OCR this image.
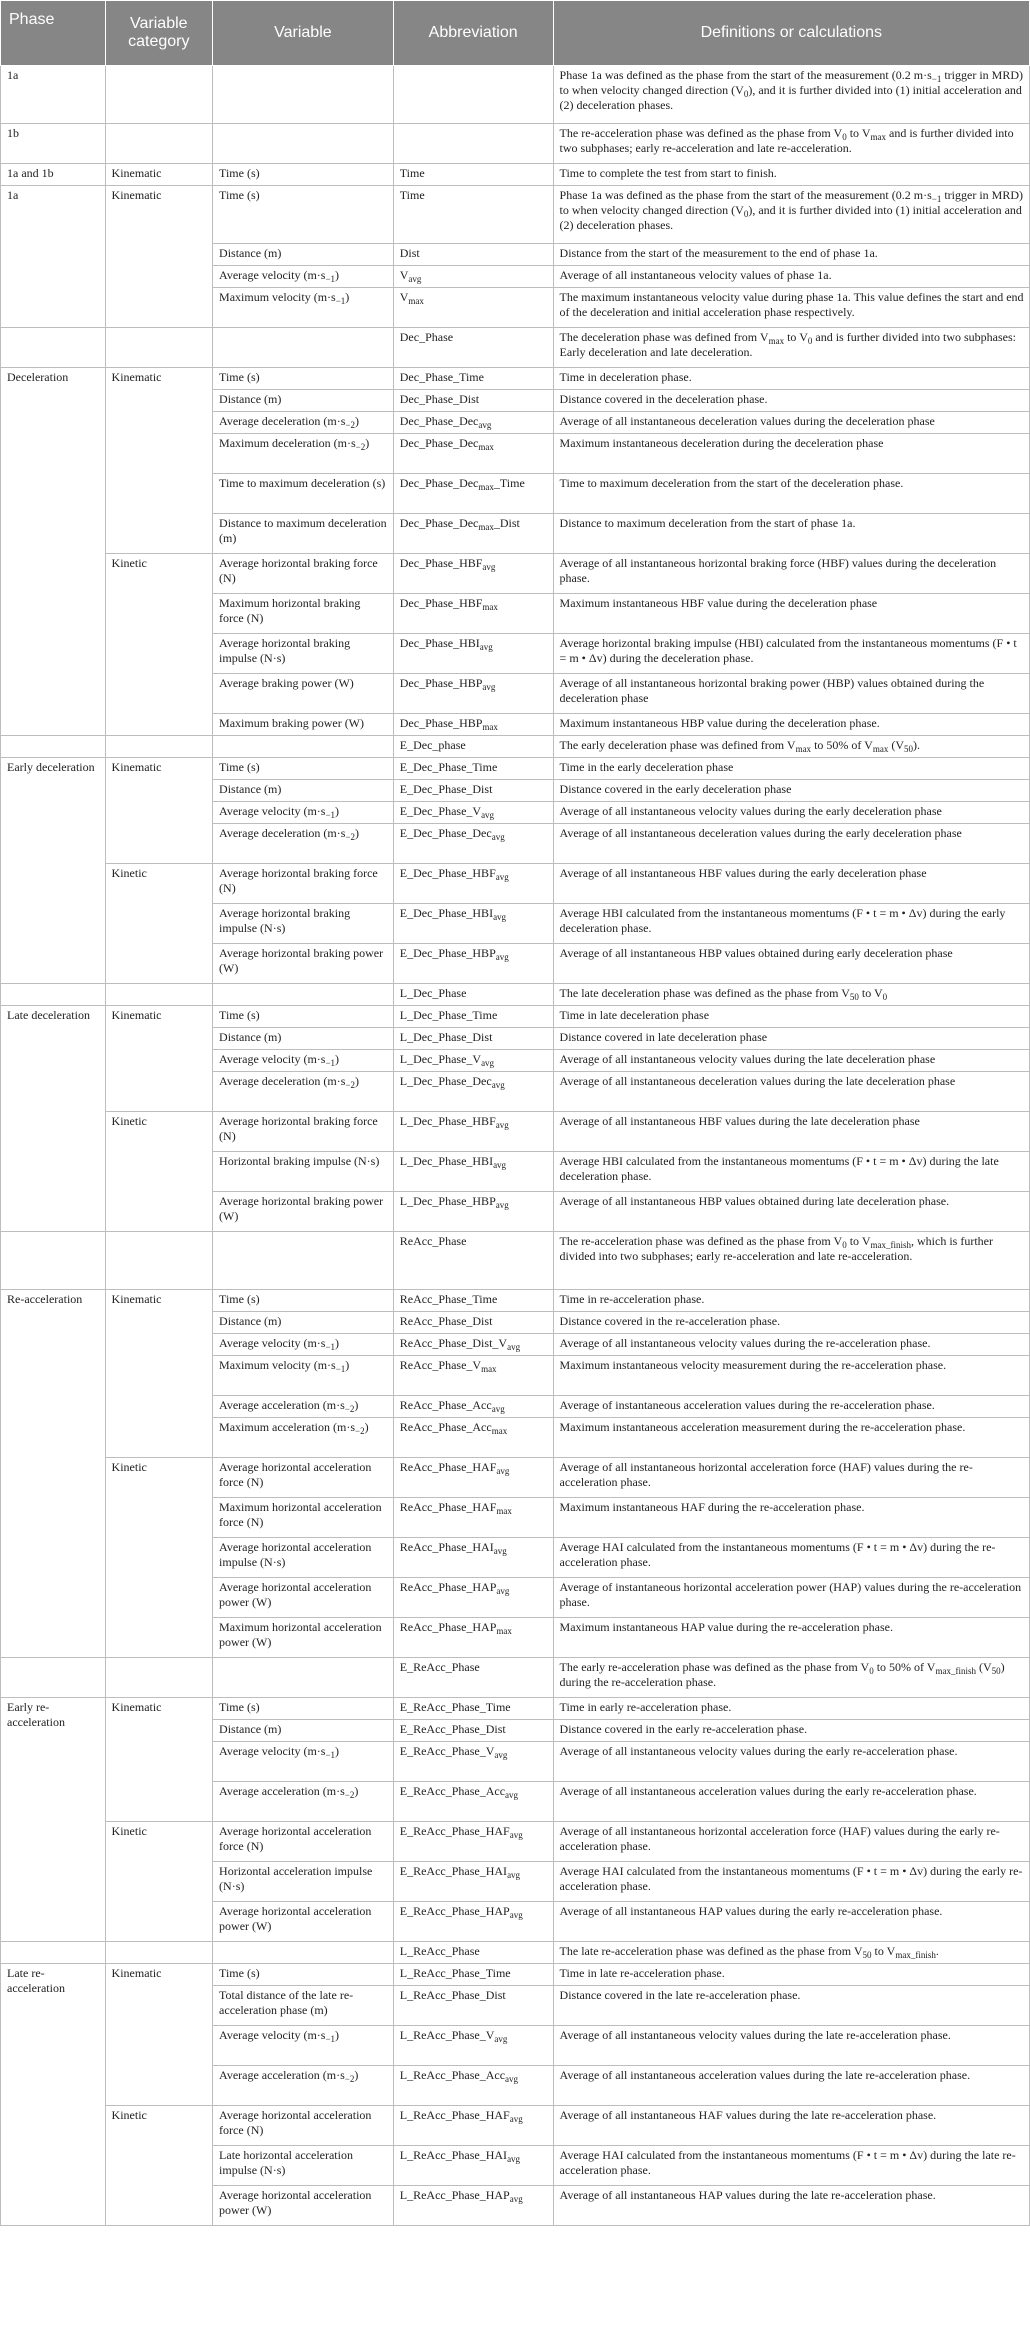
Phase	Variable category	Variable	Abbreviation	Definitions or calculations
1a				Phase 1a was defined as the phase from the start of the measurement (0.2 $m\cdot s_{-1}$ trigger in MRD) to when velocity changed direction $(V_0)$, and it is further divided into (1) initial acceleration and (2) deceleration phases.
1b				The re-acceleration phase was defined as the phase from $V_0$ to $V_{max}$ and is further divided into two subphases; early re-acceleration and late re-acceleration.
1a and 1b	Kinematic	Time (s)	Time	Time to complete the test from start to finish.
1a	Kinematic	Time (s)	Time	Phase 1a was defined as the phase from the start of the measurement (0.2 $m\cdot s_{-1}$ trigger in MRD) to when velocity changed direction $(V_0)$, and it is further divided into (1) initial acceleration and (2) deceleration phases.
		Distance (m)	Dist	Distance from the start of the measurement to the end of phase 1a.
		Average velocity $(m\cdot s_{-1})$	$V_{avg}$	Average of all instantaneous velocity values of phase 1a.
		Maximum velocity $(m\cdot s_{-1})$	$V_{max}$	The maximum instantaneous velocity value during phase 1a. This value defines the start and end of the deceleration and initial acceleration phase respectively.
			Dec_Phase	The deceleration phase was defined from $V_{max}$ to $V_0$ and is further divided into two subphases: Early deceleration and late deceleration.
Deceleration	Kinematic	Time (s)	Dec_Phase_Time	Time in deceleration phase.
		Distance (m)	Dec_Phase_Dist	Distance covered in the deceleration phase.
		Average deceleration $(m\cdot s_{-2})$	Dec_Phase_Dec$_{avg}$	Average of all instantaneous deceleration values during the deceleration phase
		Maximum deceleration $(m\cdot s_{-2})$	Dec_Phase_Dec$_{max}$	Maximum instantaneous deceleration during the deceleration phase
		Time to maximum deceleration (s)	Dec_Phase_Dec$_{max}$_Time	Time to maximum deceleration from the start of the deceleration phase.
		Distance to maximum deceleration (m)	Dec_Phase_Dec$_{max}$_Dist	Distance to maximum deceleration from the start of phase 1a.
	Kinetic	Average horizontal braking force (N)	$Dec\_Phase\_HBF_{avg}$	Average of all instantaneous horizontal braking force (HBF) values during the deceleration phase.
		Maximum horizontal braking force (N)	$Dec\_Phase\_HBF_{max}$	Maximum instantaneous HBF value during the deceleration phase
		Average horizontal braking impulse (N·s)	$Dec\_Phase\_HBI_{avg}$	Average horizontal braking impulse (HBI) calculated from the instantaneous momentums (F • t = m • Δv) during the deceleration phase.
		Average braking power (W)	$Dec\_Phase\_HBP_{avg}$	Average of all instantaneous horizontal braking power (HBP) values obtained during the deceleration phase
		Maximum braking power (W)	$Dec\_Phase\_HBP_{max}$	Maximum instantaneous HBP value during the deceleration phase.
			E_Dec_phase	The early deceleration phase was defined from $V_{max}$ to 50% of $V_{max}$ $(V_{50})$.
Early deceleration	Kinematic	Time (s)	E_Dec_Phase_Time	Time in the early deceleration phase
		Distance (m)	E_Dec_Phase_Dist	Distance covered in the early deceleration phase
		Average velocity $(m\cdot s_{-1})$	$E\_Dec\_Phase\_V_{avg}$	Average of all instantaneous velocity values during the early deceleration phase
		Average deceleration $(m\cdot s_{-2})$	E_Dec_Phase_Dec$_{avg}$	Average of all instantaneous deceleration values during the early deceleration phase
	Kinetic	Average horizontal braking force (N)	$E\_Dec\_Phase\_HBF_{avg}$	Average of all instantaneous HBF values during the early deceleration phase
		Average horizontal braking impulse (N·s)	$E\_Dec\_Phase\_HBI_{avg}$	Average HBI calculated from the instantaneous momentums (F • t = m • Δv) during the early deceleration phase.
		Average horizontal braking power (W)	$E\_Dec\_Phase\_HBP_{avg}$	Average of all instantaneous HBP values obtained during early deceleration phase
			L_Dec_Phase	The late deceleration phase was defined as the phase from $V_{50}$ to $V_0$
Late deceleration	Kinematic	Time (s)	L_Dec_Phase_Time	Time in late deceleration phase
		Distance (m)	L_Dec_Phase_Dist	Distance covered in late deceleration phase
		Average velocity $(m\cdot s_{-1})$	$L\_Dec\_Phase\_V_{avg}$	Average of all instantaneous velocity values during the late deceleration phase
		Average deceleration $(m\cdot s_{-2})$	L_Dec_Phase_Dec$_{avg}$	Average of all instantaneous deceleration values during the late deceleration phase
	Kinetic	Average horizontal braking force (N)	$L\_Dec\_Phase\_HBF_{avg}$	Average of all instantaneous HBF values during the late deceleration phase
		Horizontal braking impulse (N·s)	$L\_Dec\_Phase\_HBI_{avg}$	Average HBI calculated from the instantaneous momentums (F • t = m • Δv) during the late deceleration phase.
		Average horizontal braking power (W)	$L\_Dec\_Phase\_HBP_{avg}$	Average of all instantaneous HBP values obtained during late deceleration phase.
			ReAcc_Phase	The re-acceleration phase was defined as the phase from $V_0$ to $V_{max\_finish}$, which is further divided into two subphases; early re-acceleration and late re-acceleration.
Re-acceleration	Kinematic	Time (s)	ReAcc_Phase_Time	Time in re-acceleration phase.
		Distance (m)	ReAcc_Phase_Dist	Distance covered in the re-acceleration phase.
		Average velocity $(m\cdot s_{-1})$	$ReAcc\_Phase\_Dist\_V_{avg}$	Average of all instantaneous velocity values during the re-acceleration phase.
		Maximum velocity $(m\cdot s_{-1})$	$ReAcc\_Phase\_V_{max}$	Maximum instantaneous velocity measurement during the re-acceleration phase.
		Average acceleration $(m\cdot s_{-2})$	ReAcc_Phase_Acc$_{avg}$	Average of instantaneous acceleration values during the re-acceleration phase.
		Maximum acceleration $(m\cdot s_{-2})$	ReAcc_Phase_Acc$_{max}$	Maximum instantaneous acceleration measurement during the re-acceleration phase.
	Kinetic	Average horizontal acceleration force (N)	$ReAcc\_Phase\_HAF_{avg}$	Average of all instantaneous horizontal acceleration force (HAF) values during the re-acceleration phase.
		Maximum horizontal acceleration force (N)	$ReAcc\_Phase\_HAF_{max}$	Maximum instantaneous HAF during the re-acceleration phase.
		Average horizontal acceleration impulse (N·s)	$ReAcc\_Phase\_HAI_{avg}$	Average HAI calculated from the instantaneous momentums (F • t = m • Δv) during the re-acceleration phase.
		Average horizontal acceleration power (W)	$ReAcc\_Phase\_HAP_{avg}$	Average of instantaneous horizontal acceleration power (HAP) values during the re-acceleration phase.
		Maximum horizontal acceleration power (W)	$ReAcc\_Phase\_HAP_{max}$	Maximum instantaneous HAP value during the re-acceleration phase.
			E_ReAcc_Phase	The early re-acceleration phase was defined as the phase from $V_0$ to 50% of $V_{max\_finish}$ $(V_{50})$ during the re-acceleration phase.
Early re-acceleration	Kinematic	Time (s)	E_ReAcc_Phase_Time	Time in early re-acceleration phase.
		Distance (m)	E_ReAcc_Phase_Dist	Distance covered in the early re-acceleration phase.
		Average velocity $(m\cdot s_{-1})$	$E\_ReAcc\_Phase\_V_{avg}$	Average of all instantaneous velocity values during the early re-acceleration phase.
		Average acceleration $(m\cdot s_{-2})$	E_ReAcc_Phase_Acc$_{avg}$	Average of all instantaneous acceleration values during the early re-acceleration phase.
	Kinetic	Average horizontal acceleration force (N)	$E\_ReAcc\_Phase\_HAF_{avg}$	Average of all instantaneous horizontal acceleration force (HAF) values during the early re-acceleration phase.
		Horizontal acceleration impulse (N·s)	$E\_ReAcc\_Phase\_HAI_{avg}$	Average HAI calculated from the instantaneous momentums (F • t = m • Δv) during the early re-acceleration phase.
		Average horizontal acceleration power (W)	$E\_ReAcc\_Phase\_HAP_{avg}$	Average of all instantaneous HAP values during the early re-acceleration phase.
			L_ReAcc_Phase	The late re-acceleration phase was defined as the phase from $V_{50}$ to $V_{max\_finish}$.
Late re-acceleration	Kinematic	Time (s)	L_ReAcc_Phase_Time	Time in late re-acceleration phase.
		Total distance of the late re-acceleration phase (m)	L_ReAcc_Phase_Dist	Distance covered in the late re-acceleration phase.
		Average velocity $(m\cdot s_{-1})$	$L\_ReAcc\_Phase\_V_{avg}$	Average of all instantaneous velocity values during the late re-acceleration phase.
		Average acceleration $(m\cdot s_{-2})$	L_ReAcc_Phase_Acc$_{avg}$	Average of all instantaneous acceleration values during the late re-acceleration phase.
	Kinetic	Average horizontal acceleration force (N)	$L\_ReAcc\_Phase\_HAF_{avg}$	Average of all instantaneous HAF values during the late re-acceleration phase.
		Late horizontal acceleration impulse (N·s)	$L\_ReAcc\_Phase\_HAI_{avg}$	Average HAI calculated from the instantaneous momentums (F • t = m • Δv) during the late re-acceleration phase.
		Average horizontal acceleration power (W)	$L\_ReAcc\_Phase\_HAP_{avg}$	Average of all instantaneous HAP values during the late re-acceleration phase.
